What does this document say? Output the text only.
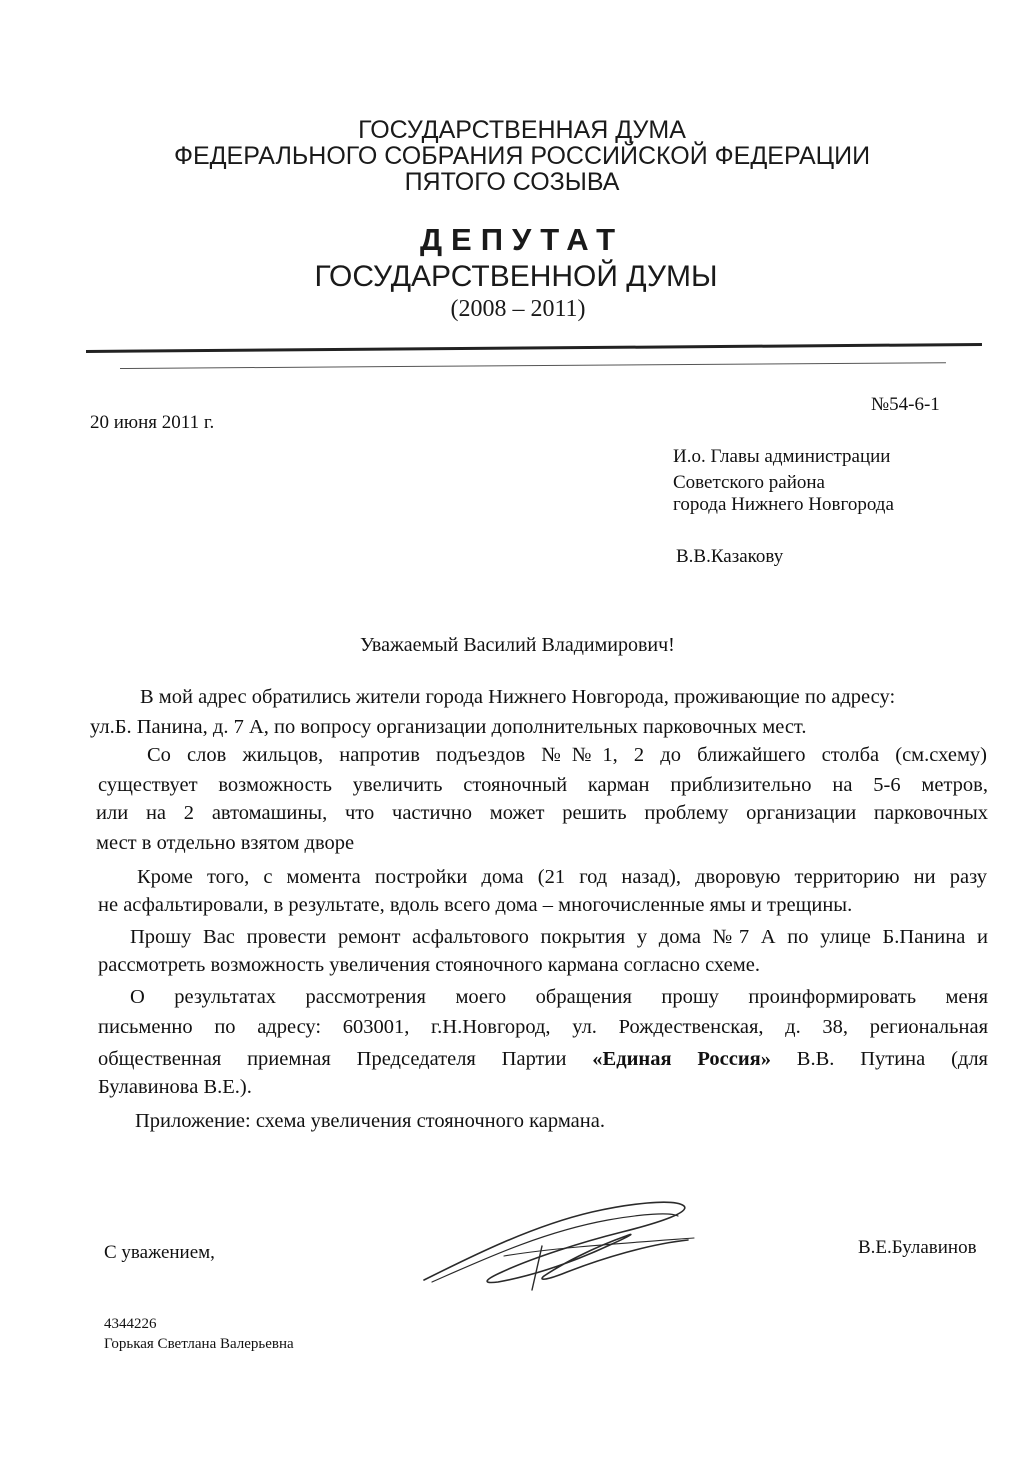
ГОСУДАРСТВЕННАЯ ДУМА
ФЕДЕРАЛЬНОГО СОБРАНИЯ РОССИЙСКОЙ ФЕДЕРАЦИИ
ПЯТОГО СОЗЫВА
ДЕПУТАТ
ГОСУДАРСТВЕННОЙ ДУМЫ
(2008 – 2011)
№54-6-1
20 июня 2011 г.
И.о. Главы администрации
Советского района
города Нижнего Новгорода
В.В.Казакову
Уважаемый Василий Владимирович!
В мой адрес обратились жители города Нижнего Новгорода, проживающие по адресу:
ул.Б. Панина, д. 7 А, по вопросу организации дополнительных парковочных мест.
Со слов жильцов, напротив подъездов №№1, 2 до ближайшего столба (см.схему)
существует возможность увеличить стояночный карман приблизительно на 5-6 метров,
или на 2 автомашины, что частично может решить проблему организации парковочных
мест в отдельно взятом дворе
Кроме того, с момента постройки дома (21 год назад), дворовую территорию ни разу
не асфальтировали, в результате, вдоль всего дома – многочисленные ямы и трещины.
Прошу Вас провести ремонт асфальтового покрытия у дома №7 А по улице Б.Панина и
рассмотреть возможность увеличения стояночного кармана согласно схеме.
О результатах рассмотрения моего обращения прошу проинформировать меня
письменно по адресу: 603001, г.Н.Новгород, ул. Рождественская, д. 38, региональная
общественная приемная Председателя Партии «Единая Россия» В.В. Путина (для
Булавинова В.Е.).
Приложение: схема увеличения стояночного кармана.
С уважением,	В.Е.Булавинов
4344226
Горькая Светлана Валерьевна
